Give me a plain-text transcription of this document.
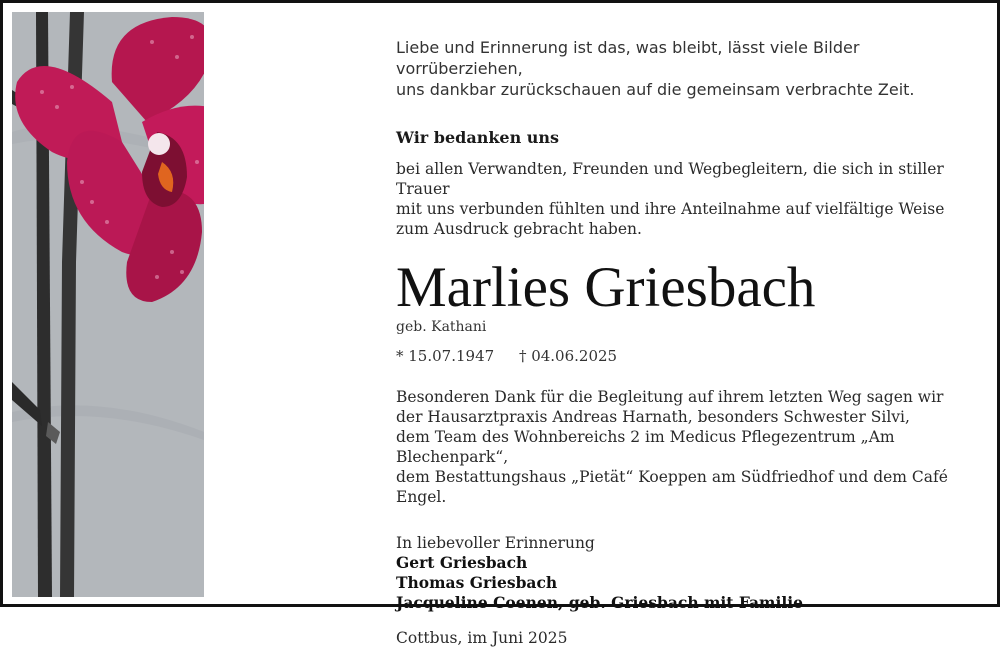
Liebe und Erinnerung ist das, was bleibt, lässt viele Bilder vorrüberziehen,
uns dankbar zurückschauen auf die gemeinsam verbrachte Zeit.
Wir bedanken uns
bei allen Verwandten, Freunden und Wegbegleitern, die sich in stiller Trauer
mit uns verbunden fühlten und ihre Anteilnahme auf vielfältige Weise
zum Ausdruck gebracht haben.
Marlies Griesbach
geb. Kathani
* 15.07.1947 † 04.06.2025
Besonderen Dank für die Begleitung auf ihrem letzten Weg sagen wir
der Hausarztpraxis Andreas Harnath, besonders Schwester Silvi,
dem Team des Wohnbereichs 2 im Medicus Pflegezentrum „Am Blechenpark“,
dem Bestattungshaus „Pietät“ Koeppen am Südfriedhof und dem Café Engel.
In liebevoller Erinnerung
Gert Griesbach
Thomas Griesbach
Jacqueline Coenen, geb. Griesbach mit Familie
Cottbus, im Juni 2025
